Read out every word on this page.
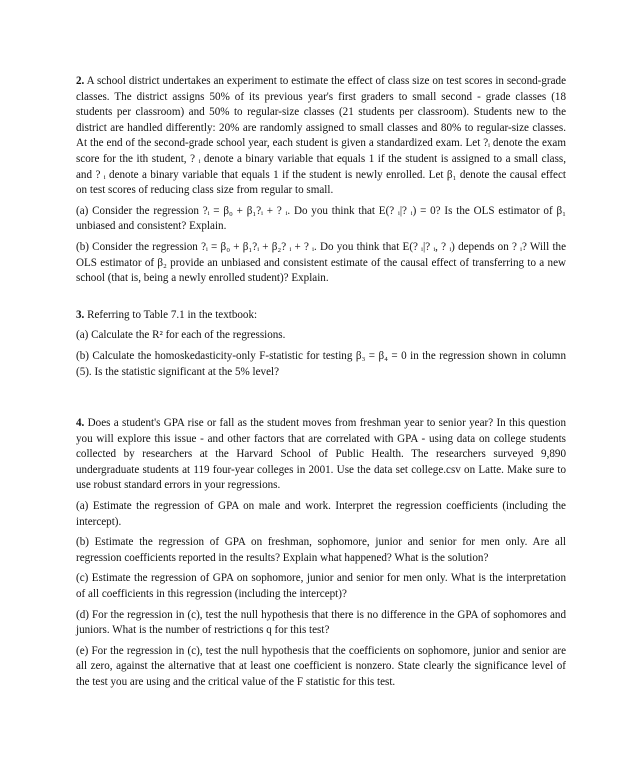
2. A school district undertakes an experiment to estimate the effect of class size on test scores in second-grade classes. The district assigns 50% of its previous year's first graders to small second - grade classes (18 students per classroom) and 50% to regular-size classes (21 students per classroom). Students new to the district are handled differently: 20% are randomly assigned to small classes and 80% to regular-size classes. At the end of the second-grade school year, each student is given a standardized exam. Let ?ᵢ denote the exam score for the ith student, ? ᵢ denote a binary variable that equals 1 if the student is assigned to a small class, and ? ᵢ denote a binary variable that equals 1 if the student is newly enrolled. Let β₁ denote the causal effect on test scores of reducing class size from regular to small.

(a) Consider the regression ?ᵢ = β₀ + β₁?ᵢ + ? ᵢ. Do you think that E(? ᵢ|? ᵢ) = 0? Is the OLS estimator of β₁ unbiased and consistent? Explain.

(b) Consider the regression ?ᵢ = β₀ + β₁?ᵢ + β₂? ᵢ + ? ᵢ. Do you think that E(? ᵢ|? ᵢ, ? ᵢ) depends on ? ᵢ? Will the OLS estimator of β₂ provide an unbiased and consistent estimate of the causal effect of transferring to a new school (that is, being a newly enrolled student)? Explain.

3. Referring to Table 7.1 in the textbook:

(a) Calculate the R² for each of the regressions.

(b) Calculate the homoskedasticity-only F-statistic for testing β₃ = β₄ = 0 in the regression shown in column (5). Is the statistic significant at the 5% level?

4. Does a student's GPA rise or fall as the student moves from freshman year to senior year? In this question you will explore this issue - and other factors that are correlated with GPA - using data on college students collected by researchers at the Harvard School of Public Health. The researchers surveyed 9,890 undergraduate students at 119 four-year colleges in 2001. Use the data set college.csv on Latte. Make sure to use robust standard errors in your regressions.

(a) Estimate the regression of GPA on male and work. Interpret the regression coefficients (including the intercept).

(b) Estimate the regression of GPA on freshman, sophomore, junior and senior for men only. Are all regression coefficients reported in the results? Explain what happened? What is the solution?

(c) Estimate the regression of GPA on sophomore, junior and senior for men only. What is the interpretation of all coefficients in this regression (including the intercept)?

(d) For the regression in (c), test the null hypothesis that there is no difference in the GPA of sophomores and juniors. What is the number of restrictions q for this test?

(e) For the regression in (c), test the null hypothesis that the coefficients on sophomore, junior and senior are all zero, against the alternative that at least one coefficient is nonzero. State clearly the significance level of the test you are using and the critical value of the F statistic for this test.
